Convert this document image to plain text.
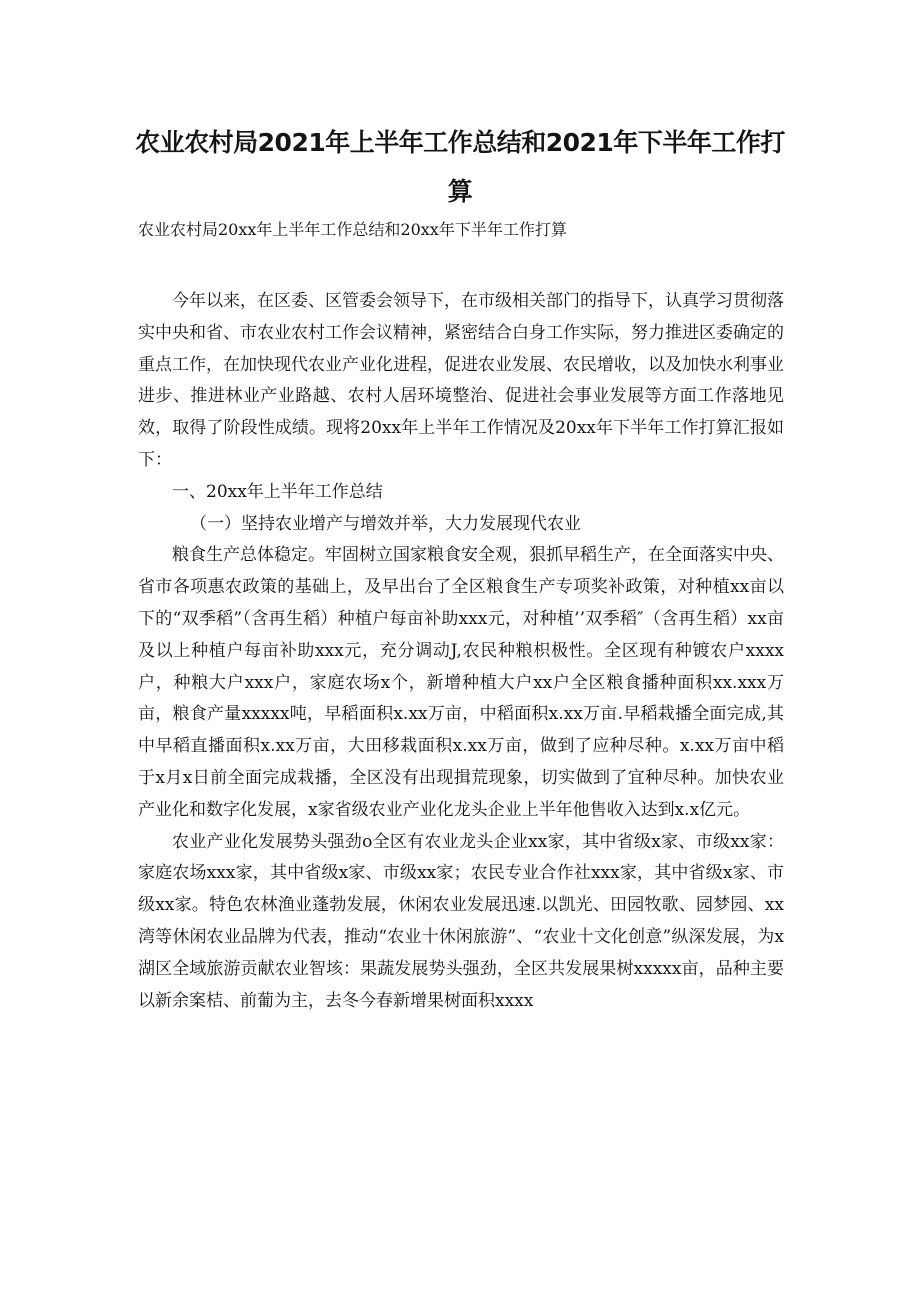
农业农村局2021年上半年工作总结和2021年下半年工作打算

农业农村局20xx年上半年工作总结和20xx年下半年工作打算

今年以来，在区委、区管委会领导下，在市级相关部门的指导下，认真学习贯彻落实中央和省、市农业农村工作会议精神，紧密结合白身工作实际，努力推进区委确定的重点工作，在加快现代农业产业化进程，促进农业发展、农民增收，以及加快水利事业进步、推进林业产业路越、农村人居环境整治、促进社会事业发展等方面工作落地见效，取得了阶段性成绩。现将20xx年上半年工作情况及20xx年下半年工作打算汇报如下：

一、20xx年上半年工作总结

（一）坚持农业增产与增效并举，大力发展现代农业

粮食生产总体稳定。牢固树立国家粮食安全观，狠抓早稻生产，在全面落实中央、省市各项惠农政策的基础上，及早出台了全区粮食生产专项奖补政策，对种植xx亩以下的“双季稻”（含再生稻）种植户每亩补助xxx元，对种植’’双季稻″（含再生稻）xx亩及以上种植户每亩补助xxx元，充分调动J,农民种粮枳极性。全区现有种镀农户xxxx户，种粮大户xxx户，家庭农场x个，新增种植大户xx户全区粮食播种面积xx.xxx万亩，粮食产量xxxxx吨，早稻面积x.xx万亩，中稻面积x.xx万亩.早稻栽播全面完成,其中早稻直播面积x.xx万亩，大田移栽面积x.xx万亩，做到了应种尽种。x.xx万亩中稻于x月x日前全面完成栽播，全区没有出现揖荒现象，切实做到了宜种尽种。加快农业产业化和数字化发展，x家省级农业产业化龙头企业上半年他售收入达到x.x亿元。

农业产业化发展势头强劲o全区有农业龙头企业xx家，其中省级x家、市级xx家：家庭农场xxx家，其中省级x家、市级xx家；农民专业合作社xxx家，其中省级x家、市级xx家。特色农林渔业蓬勃发展，休闲农业发展迅速.以凯光、田园牧歌、园梦园、xx湾等休闲农业品牌为代表，推动“农业十休闲旅游”、“农业十文化创意”纵深发展，为x湖区全域旅游贡献农业智垓：果蔬发展势头强劲，全区共发展果树xxxxx亩，品种主要以新余案桔、前葡为主，去冬今春新增果树面积xxxx
